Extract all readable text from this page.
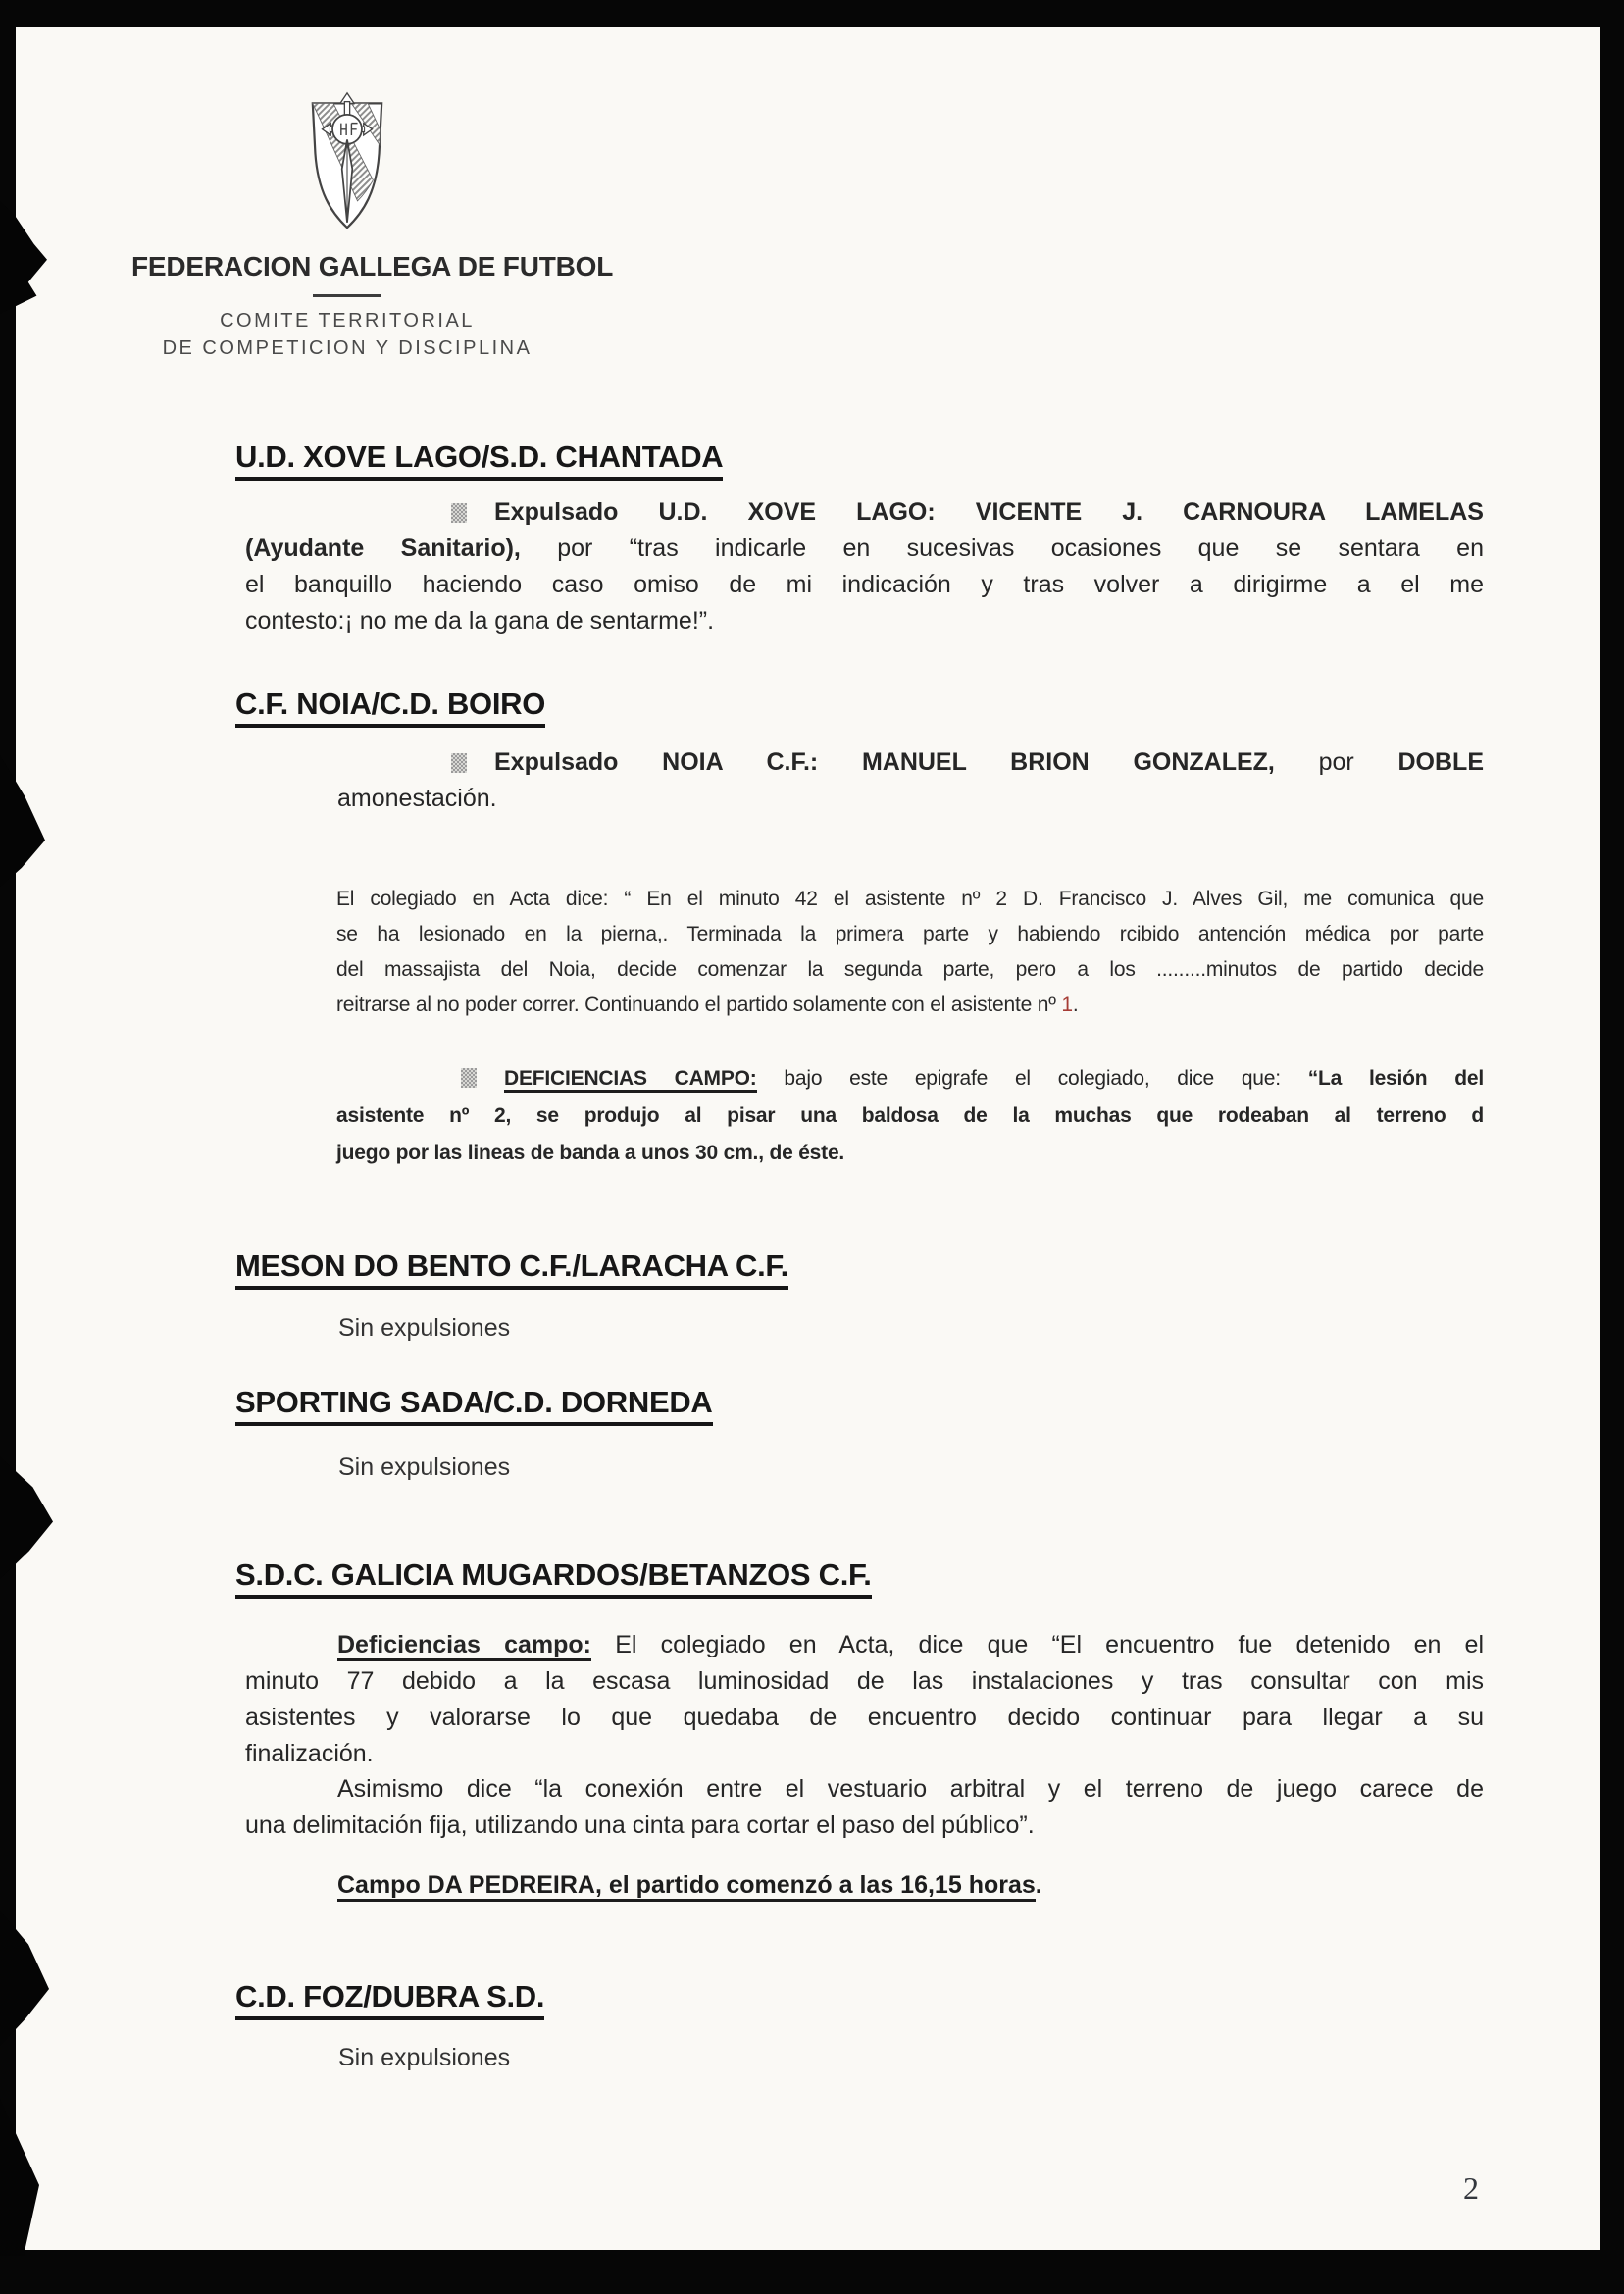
FEDERACION GALLEGA DE FUTBOL
COMITE TERRITORIAL
DE COMPETICION Y DISCIPLINA
U.D. XOVE LAGO/S.D. CHANTADA
Expulsado U.D. XOVE LAGO: VICENTE J. CARNOURA LAMELAS
(Ayudante Sanitario), por “tras indicarle en sucesivas ocasiones que se sentara en
el banquillo haciendo caso omiso de mi indicación y tras volver a dirigirme a el me
contesto:¡ no me da la gana de sentarme!”.
C.F. NOIA/C.D. BOIRO
Expulsado NOIA C.F.: MANUEL BRION GONZALEZ, por DOBLE
amonestación.
El colegiado en Acta dice: “ En el minuto 42 el asistente nº 2 D. Francisco J. Alves Gil, me comunica que
se ha lesionado en la pierna,. Terminada la primera parte y habiendo rcibido antención médica por parte
del massajista del Noia, decide comenzar la segunda parte, pero a los .........minutos de partido decide
reitrarse al no poder correr. Continuando el partido solamente con el asistente nº 1.
DEFICIENCIAS CAMPO: bajo este epigrafe el colegiado, dice que: “La lesión del
asistente nº 2, se produjo al pisar una baldosa de la muchas que rodeaban al terreno d
juego por las lineas de banda a unos 30 cm., de éste.
MESON DO BENTO C.F./LARACHA C.F.
Sin expulsiones
SPORTING SADA/C.D. DORNEDA
Sin expulsiones
S.D.C. GALICIA MUGARDOS/BETANZOS C.F.
Deficiencias campo: El colegiado en Acta, dice que “El encuentro fue detenido en el
minuto 77 debido a la escasa luminosidad de las instalaciones y tras consultar con mis
asistentes y valorarse lo que quedaba de encuentro decido continuar para llegar a su
finalización.
Asimismo dice “la conexión entre el vestuario arbitral y el terreno de juego carece de
una delimitación fija, utilizando una cinta para cortar el paso del público”.
Campo DA PEDREIRA, el partido comenzó a las 16,15 horas.
C.D. FOZ/DUBRA S.D.
Sin expulsiones
2
